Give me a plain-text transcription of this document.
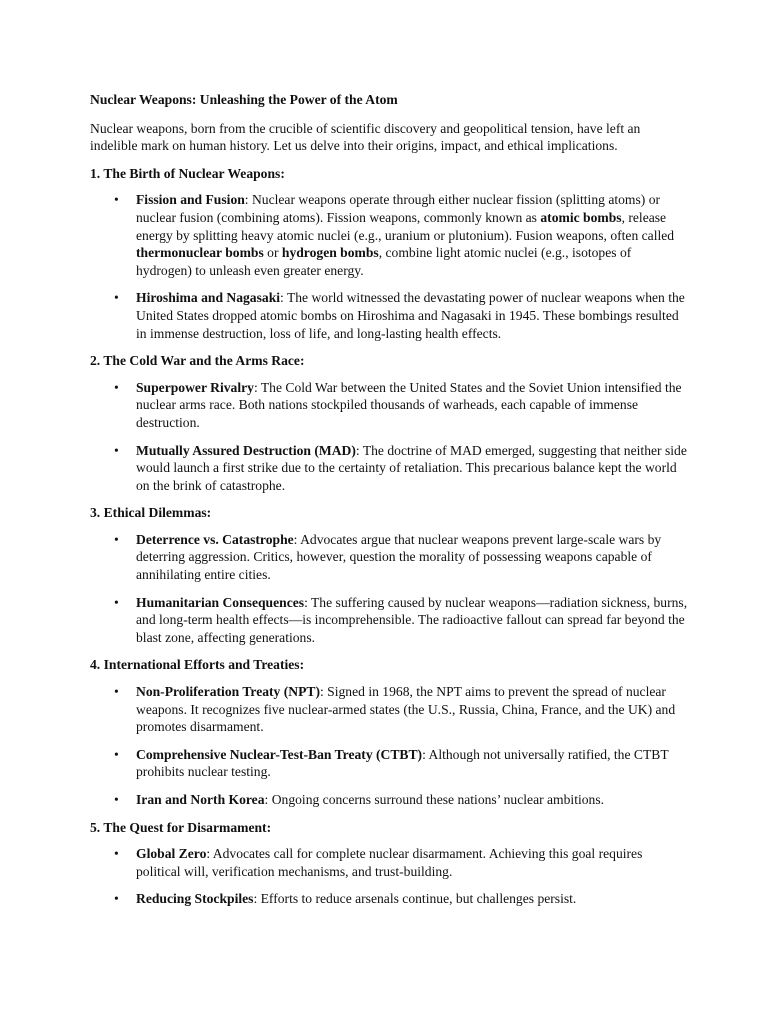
Nuclear Weapons: Unleashing the Power of the Atom

Nuclear weapons, born from the crucible of scientific discovery and geopolitical tension, have left an indelible mark on human history. Let us delve into their origins, impact, and ethical implications.

1. The Birth of Nuclear Weapons:
• Fission and Fusion: Nuclear weapons operate through either nuclear fission (splitting atoms) or nuclear fusion (combining atoms). Fission weapons, commonly known as atomic bombs, release energy by splitting heavy atomic nuclei (e.g., uranium or plutonium). Fusion weapons, often called thermonuclear bombs or hydrogen bombs, combine light atomic nuclei (e.g., isotopes of hydrogen) to unleash even greater energy.
• Hiroshima and Nagasaki: The world witnessed the devastating power of nuclear weapons when the United States dropped atomic bombs on Hiroshima and Nagasaki in 1945. These bombings resulted in immense destruction, loss of life, and long-lasting health effects.
2. The Cold War and the Arms Race:
• Superpower Rivalry: The Cold War between the United States and the Soviet Union intensified the nuclear arms race. Both nations stockpiled thousands of warheads, each capable of immense destruction.
• Mutually Assured Destruction (MAD): The doctrine of MAD emerged, suggesting that neither side would launch a first strike due to the certainty of retaliation. This precarious balance kept the world on the brink of catastrophe.
3. Ethical Dilemmas:
• Deterrence vs. Catastrophe: Advocates argue that nuclear weapons prevent large-scale wars by deterring aggression. Critics, however, question the morality of possessing weapons capable of annihilating entire cities.
• Humanitarian Consequences: The suffering caused by nuclear weapons—radiation sickness, burns, and long-term health effects—is incomprehensible. The radioactive fallout can spread far beyond the blast zone, affecting generations.
4. International Efforts and Treaties:
• Non-Proliferation Treaty (NPT): Signed in 1968, the NPT aims to prevent the spread of nuclear weapons. It recognizes five nuclear-armed states (the U.S., Russia, China, France, and the UK) and promotes disarmament.
• Comprehensive Nuclear-Test-Ban Treaty (CTBT): Although not universally ratified, the CTBT prohibits nuclear testing.
• Iran and North Korea: Ongoing concerns surround these nations’ nuclear ambitions.
5. The Quest for Disarmament:
• Global Zero: Advocates call for complete nuclear disarmament. Achieving this goal requires political will, verification mechanisms, and trust-building.
• Reducing Stockpiles: Efforts to reduce arsenals continue, but challenges persist.
